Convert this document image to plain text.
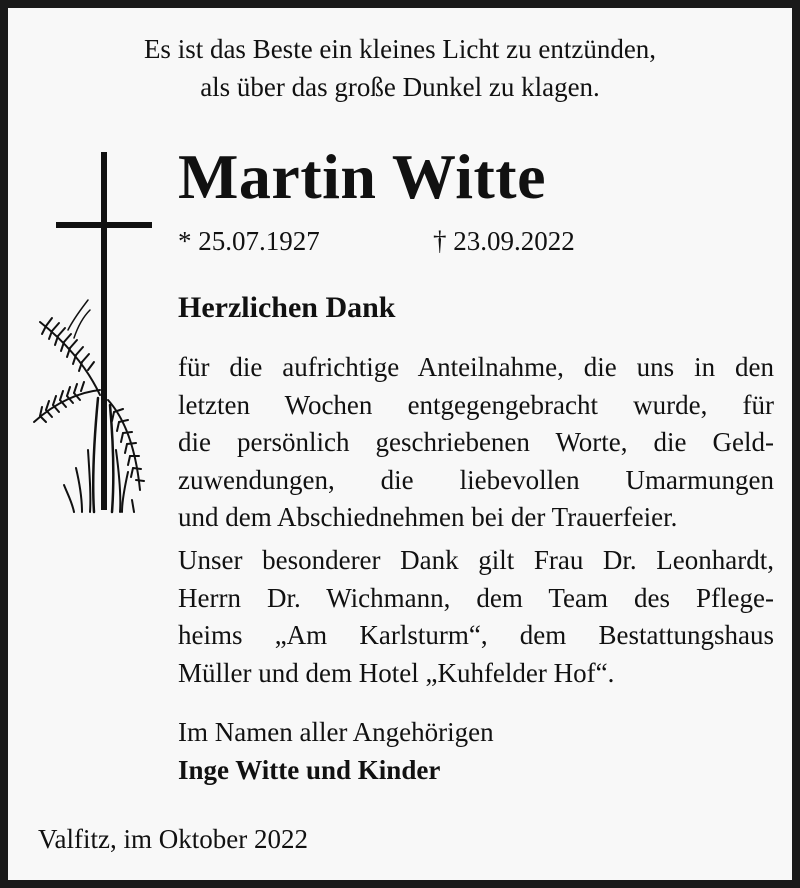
Es ist das Beste ein kleines Licht zu entzünden,
als über das große Dunkel zu klagen.
Martin Witte
* 25.07.1927	† 23.09.2022
Herzlichen Dank
für die aufrichtige Anteilnahme, die uns in den
letzten Wochen entgegengebracht wurde, für
die persönlich geschriebenen Worte, die Geld-
zuwendungen, die liebevollen Umarmungen
und dem Abschiednehmen bei der Trauerfeier.
Unser besonderer Dank gilt Frau Dr. Leonhardt,
Herrn Dr. Wichmann, dem Team des Pflege-
heims „Am Karlsturm“, dem Bestattungshaus
Müller und dem Hotel „Kuhfelder Hof“.
Im Namen aller Angehörigen
Inge Witte und Kinder
Valfitz, im Oktober 2022
